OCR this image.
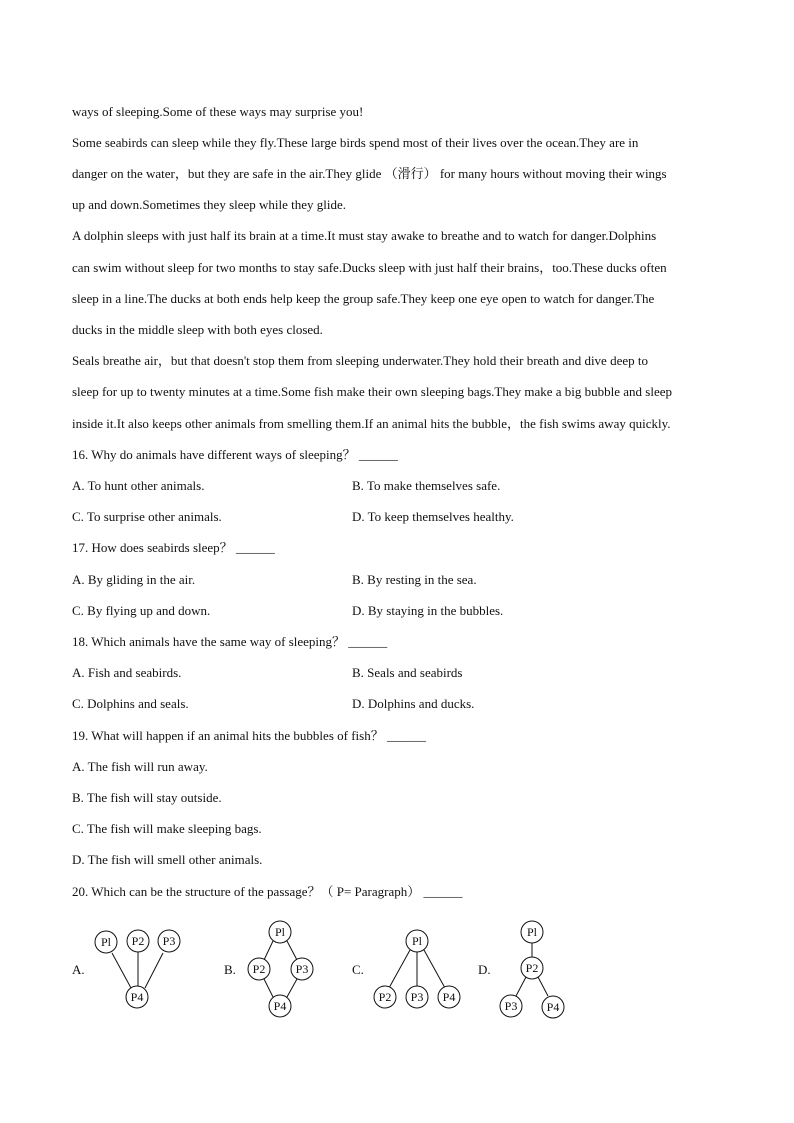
ways of sleeping.Some of these ways may surprise you!
Some seabirds can sleep while they fly.These large birds spend most of their lives over the ocean.They are in
danger on the water，but they are safe in the air.They glide （滑行） for many hours without moving their wings
up and down.Sometimes they sleep while they glide.
A dolphin sleeps with just half its brain at a time.It must stay awake to breathe and to watch for danger.Dolphins
can swim without sleep for two months to stay safe.Ducks sleep with just half their brains，too.These ducks often
sleep in a line.The ducks at both ends help keep the group safe.They keep one eye open to watch for danger.The
ducks in the middle sleep with both eyes closed.
Seals breathe air，but that doesn't stop them from sleeping underwater.They hold their breath and dive deep to
sleep for up to twenty minutes at a time.Some fish make their own sleeping bags.They make a big bubble and sleep
inside it.It also keeps other animals from smelling them.If an animal hits the bubble，the fish swims away quickly.
16. Why do animals have different ways of sleeping？ ______
A. To hunt other animals.	B. To make themselves safe.
C. To surprise other animals.	D. To keep themselves healthy.
17. How does seabirds sleep？ ______
A. By gliding in the air.	B. By resting in the sea.
C. By flying up and down.	D. By staying in the bubbles.
18. Which animals have the same way of sleeping？ ______
A. Fish and seabirds.	B. Seals and seabirds
C. Dolphins and seals.	D. Dolphins and ducks.
19. What will happen if an animal hits the bubbles of fish？ ______
A. The fish will run away.
B. The fish will stay outside.
C. The fish will make sleeping bags.
D. The fish will smell other animals.
20. Which can be the structure of the passage？（ P= Paragraph） ______
A.
Pl P2 P3
P4
B.
Pl
P2	P3
P4
C.
Pl
P2 P3 P4
D.
Pl
P2
P3 P4
